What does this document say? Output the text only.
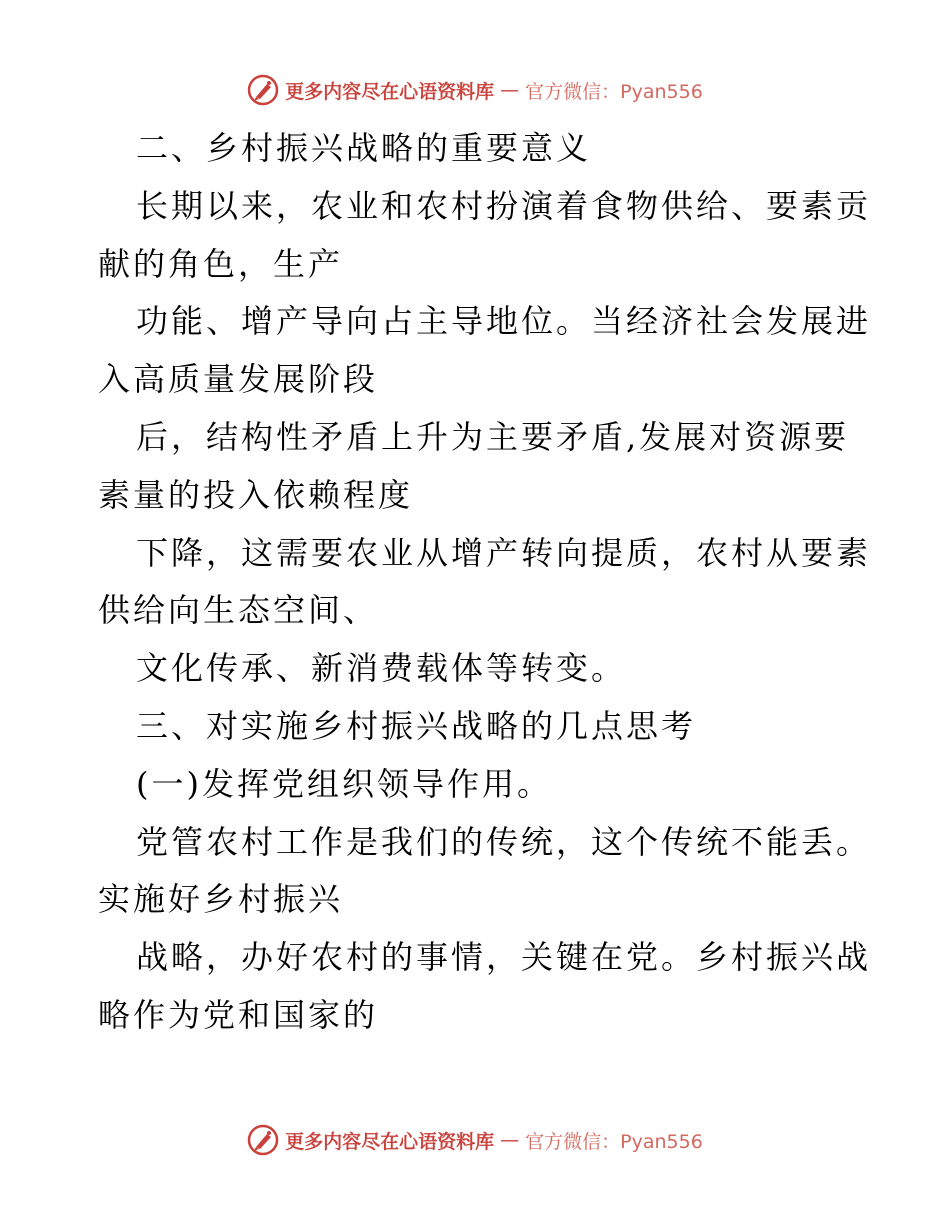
更多内容尽在心语资料库 — 官方微信：Pyan556
二、乡村振兴战略的重要意义
长期以来，农业和农村扮演着食物供给、要素贡
献的角色，生产
功能、增产导向占主导地位。当经济社会发展进
入高质量发展阶段
后，结构性矛盾上升为主要矛盾,发展对资源要
素量的投入依赖程度
下降，这需要农业从增产转向提质，农村从要素
供给向生态空间、
文化传承、新消费载体等转变。
三、对实施乡村振兴战略的几点思考
(一)发挥党组织领导作用。
党管农村工作是我们的传统，这个传统不能丢。
实施好乡村振兴
战略，办好农村的事情，关键在党。乡村振兴战
略作为党和国家的
更多内容尽在心语资料库 — 官方微信：Pyan556
